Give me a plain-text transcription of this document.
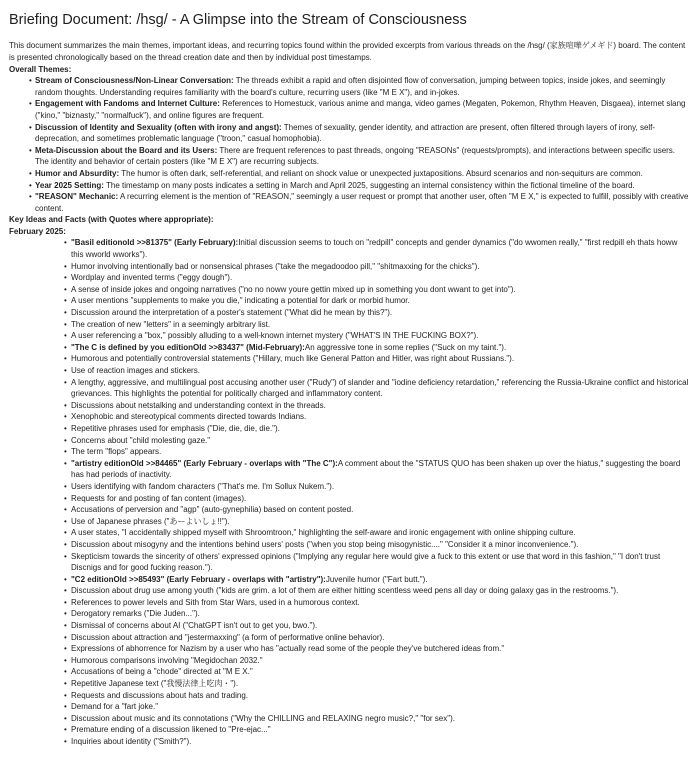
Briefing Document: /hsg/ - A Glimpse into the Stream of Consciousness

This document summarizes the main themes, important ideas, and recurring topics found within the provided excerpts from various threads on the /hsg/ (家族喧嘩ゲメギド) board. The content is presented chronologically based on the thread creation date and then by individual post timestamps.

Overall Themes:
• Stream of Consciousness/Non-Linear Conversation: The threads exhibit a rapid and often disjointed flow of conversation, jumping between topics, inside jokes, and seemingly random thoughts. Understanding requires familiarity with the board's culture, recurring users (like "M E X"), and in-jokes.
• Engagement with Fandoms and Internet Culture: References to Homestuck, various anime and manga, video games (Megaten, Pokemon, Rhythm Heaven, Disgaea), internet slang ("kino," "biznasty," "normalfuck"), and online figures are frequent.
• Discussion of Identity and Sexuality (often with irony and angst): Themes of sexuality, gender identity, and attraction are present, often filtered through layers of irony, self-deprecation, and sometimes problematic language ("troon," casual homophobia).
• Meta-Discussion about the Board and its Users: There are frequent references to past threads, ongoing "REASONs" (requests/prompts), and interactions between specific users. The identity and behavior of certain posters (like "M E X") are recurring subjects.
• Humor and Absurdity: The humor is often dark, self-referential, and reliant on shock value or unexpected juxtapositions. Absurd scenarios and non-sequiturs are common.
• Year 2025 Setting: The timestamp on many posts indicates a setting in March and April 2025, suggesting an internal consistency within the fictional timeline of the board.
• "REASON" Mechanic: A recurring element is the mention of "REASON," seemingly a user request or prompt that another user, often "M E X," is expected to fulfill, possibly with creative content.
Key Ideas and Facts (with Quotes where appropriate):
February 2025:
• "Basil editionold >>81375" (Early February):Initial discussion seems to touch on "redpill" concepts and gender dynamics ("do wwomen really," "first redpill eh thats howw this wworld wworks").
• Humor involving intentionally bad or nonsensical phrases ("take the megadoodoo pill," "shitmaxxing for the chicks").
• Wordplay and invented terms ("eggy dough").
• A sense of inside jokes and ongoing narratives ("no no noww youre gettin mixed up in something you dont wwant to get into").
• A user mentions "supplements to make you die," indicating a potential for dark or morbid humor.
• Discussion around the interpretation of a poster's statement ("What did he mean by this?").
• The creation of new "letters" in a seemingly arbitrary list.
• A user referencing a "box," possibly alluding to a well-known internet mystery ("WHAT'S IN THE FUCKING BOX?").
• "The C is defined by you editionOld >>83437" (Mid-February):An aggressive tone in some replies ("Suck on my taint.").
• Humorous and potentially controversial statements ("Hillary, much like General Patton and Hitler, was right about Russians.").
• Use of reaction images and stickers.
• A lengthy, aggressive, and multilingual post accusing another user ("Rudy") of slander and "iodine deficiency retardation," referencing the Russia-Ukraine conflict and historical grievances. This highlights the potential for politically charged and inflammatory content.
• Discussions about netstalking and understanding context in the threads.
• Xenophobic and stereotypical comments directed towards Indians.
• Repetitive phrases used for emphasis ("Die, die, die, die.").
• Concerns about "child molesting gaze."
• The term "flops" appears.
• "artistry editionOld >>84465" (Early February - overlaps with "The C"):A comment about the "STATUS QUO has been shaken up over the hiatus," suggesting the board has had periods of inactivity.
• Users identifying with fandom characters ("That's me. I'm Sollux Nukem.").
• Requests for and posting of fan content (images).
• Accusations of perversion and "agp" (auto-gynephilia) based on content posted.
• Use of Japanese phrases ("あーよいしょ!!").
• A user states, "I accidentally shipped myself with Shroomtroon," highlighting the self-aware and ironic engagement with online shipping culture.
• Discussion about misogyny and the intentions behind users' posts ("when you stop being misogynistic...." "Consider it a minor inconvenience.").
• Skepticism towards the sincerity of others' expressed opinions ("Implying any regular here would give a fuck to this extent or use that word in this fashion," "I don't trust Discnigs and for good fucking reason.").
• "C2 editionOld >>85493" (Early February - overlaps with "artistry"):Juvenile humor ("Fart butt.").
• Discussion about drug use among youth ("kids are grim. a lot of them are either hitting scentless weed pens all day or doing galaxy gas in the restrooms.").
• References to power levels and Sith from Star Wars, used in a humorous context.
• Derogatory remarks ("Die Juden...").
• Dismissal of concerns about AI ("ChatGPT isn't out to get you, bwo.").
• Discussion about attraction and "jestermaxxing" (a form of performative online behavior).
• Expressions of abhorrence for Nazism by a user who has "actually read some of the people they've butchered ideas from."
• Humorous comparisons involving "Megidochan 2032."
• Accusations of being a "chode" directed at "M E X."
• Repetitive Japanese text ("我慢法律上吃肉・").
• Requests and discussions about hats and trading.
• Demand for a "fart joke."
• Discussion about music and its connotations ("Why the CHILLING and RELAXING negro music?," "for sex").
• Premature ending of a discussion likened to "Pre-ejac..."
• Inquiries about identity ("Smith?").
